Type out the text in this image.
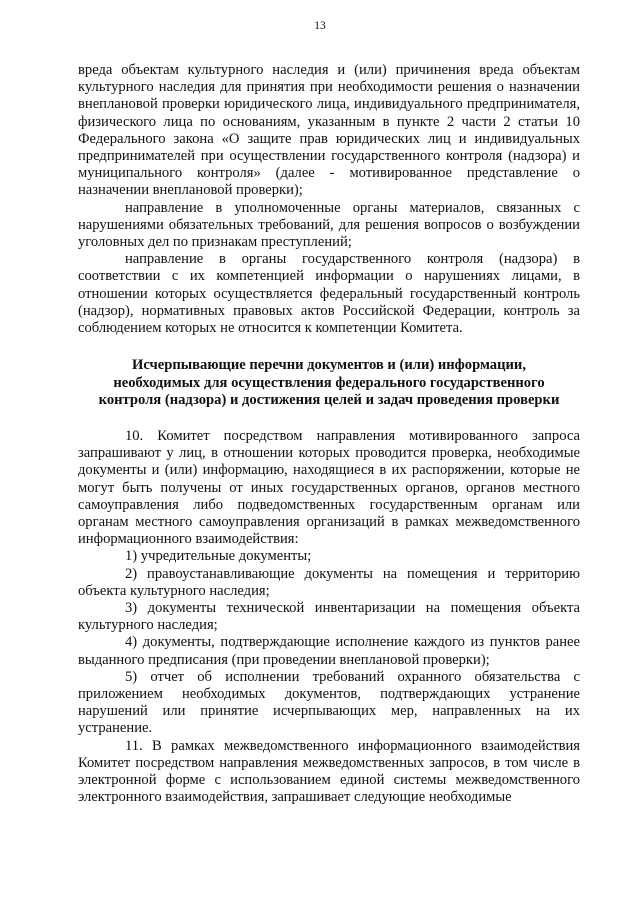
13

вреда объектам культурного наследия и (или) причинения вреда объектам культурного наследия для принятия при необходимости решения о назначении внеплановой проверки юридического лица, индивидуального предпринимателя, физического лица по основаниям, указанным в пункте 2 части 2 статьи 10 Федерального закона «О защите прав юридических лиц и индивидуальных предпринимателей при осуществлении государственного контроля (надзора) и муниципального контроля» (далее - мотивированное представление о назначении внеплановой проверки);

направление в уполномоченные органы материалов, связанных с нарушениями обязательных требований, для решения вопросов о возбуждении уголовных дел по признакам преступлений;

направление в органы государственного контроля (надзора) в соответствии с их компетенцией информации о нарушениях лицами, в отношении которых осуществляется федеральный государственный контроль (надзор), нормативных правовых актов Российской Федерации, контроль за соблюдением которых не относится к компетенции Комитета.

Исчерпывающие перечни документов и (или) информации,
необходимых для осуществления федерального государственного
контроля (надзора) и достижения целей и задач проведения проверки

10. Комитет посредством направления мотивированного запроса запрашивают у лиц, в отношении которых проводится проверка, необходимые документы и (или) информацию, находящиеся в их распоряжении, которые не могут быть получены от иных государственных органов, органов местного самоуправления либо подведомственных государственным органам или органам местного самоуправления организаций в рамках межведомственного информационного взаимодействия:

1) учредительные документы;

2) правоустанавливающие документы на помещения и территорию объекта культурного наследия;

3) документы технической инвентаризации на помещения объекта культурного наследия;

4) документы, подтверждающие исполнение каждого из пунктов ранее выданного предписания (при проведении внеплановой проверки);

5) отчет об исполнении требований охранного обязательства с приложением необходимых документов, подтверждающих устранение нарушений или принятие исчерпывающих мер, направленных на их устранение.

11. В рамках межведомственного информационного взаимодействия Комитет посредством направления межведомственных запросов, в том числе в электронной форме с использованием единой системы межведомственного электронного взаимодействия, запрашивает следующие необходимые
